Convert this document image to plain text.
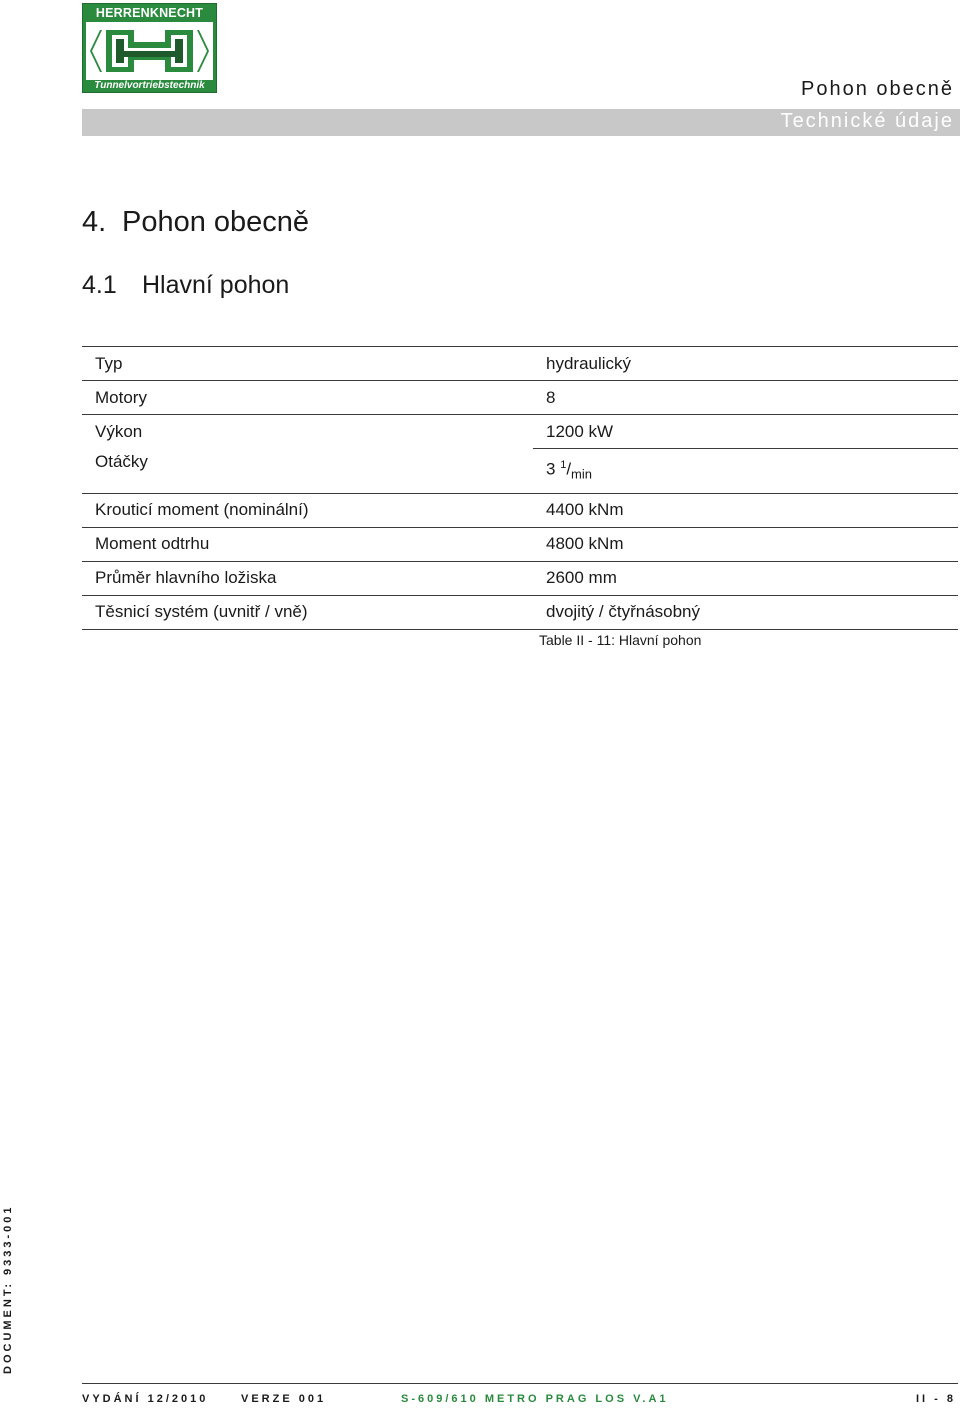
HERRENKNECHT
Tunnelvortriebstechnik	Pohon obecně
Technické údaje
4. Pohon obecně
4.1 Hlavní pohon
Typ	hydraulický
Motory	8
Výkon	1200 kW
Otáčky	3 $^1/_{min}$
Krouticí moment (nominální)	4400 kNm
Moment odtrhu	4800 kNm
Průměr hlavního ložiska	2600 mm
Těsnicí systém (uvnitř / vně)	dvojitý / čtyřnásobný
Table II - 11: Hlavní pohon
DOCUMENT: 9333-001
VYDÁNÍ 12/2010	VERZE 001	S-609/610 METRO PRAG LOS V.A1	II - 8
